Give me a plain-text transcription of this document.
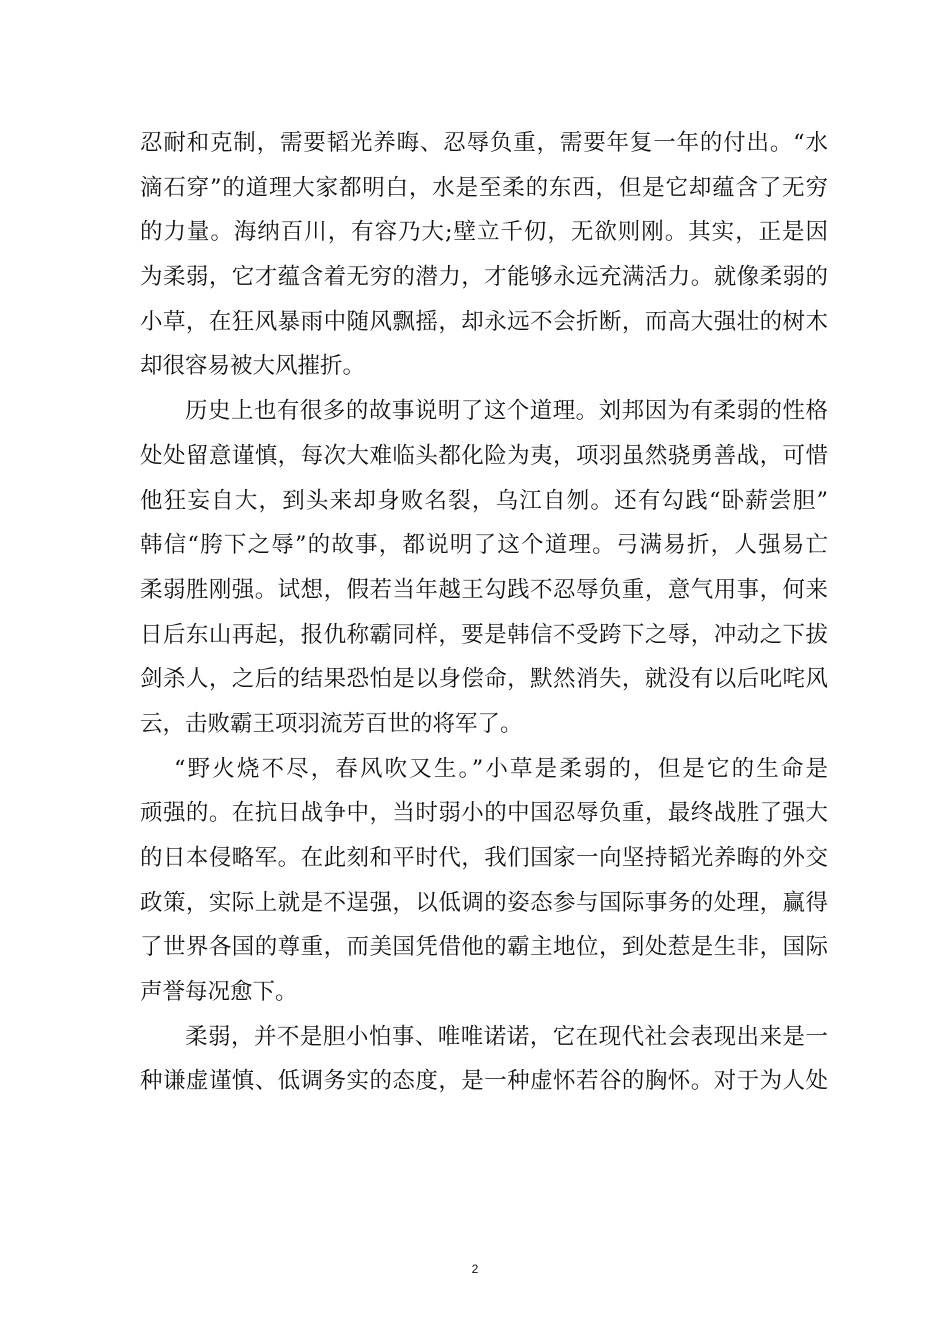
忍耐和克制，需要韬光养晦、忍辱负重，需要年复一年的付出。“水
滴石穿”的道理大家都明白，水是至柔的东西，但是它却蕴含了无穷
的力量。海纳百川，有容乃大;壁立千仞，无欲则刚。其实，正是因
为柔弱，它才蕴含着无穷的潜力，才能够永远充满活力。就像柔弱的
小草，在狂风暴雨中随风飘摇，却永远不会折断，而高大强壮的树木
却很容易被大风摧折。
历史上也有很多的故事说明了这个道理。刘邦因为有柔弱的性格
处处留意谨慎，每次大难临头都化险为夷，项羽虽然骁勇善战，可惜
他狂妄自大，到头来却身败名裂，乌江自刎。还有勾践“卧薪尝胆”
韩信“胯下之辱”的故事，都说明了这个道理。弓满易折，人强易亡
柔弱胜刚强。试想，假若当年越王勾践不忍辱负重，意气用事，何来
日后东山再起，报仇称霸同样，要是韩信不受跨下之辱，冲动之下拔
剑杀人，之后的结果恐怕是以身偿命，默然消失，就没有以后叱咤风
云，击败霸王项羽流芳百世的将军了。
“野火烧不尽，春风吹又生。”小草是柔弱的，但是它的生命是
顽强的。在抗日战争中，当时弱小的中国忍辱负重，最终战胜了强大
的日本侵略军。在此刻和平时代，我们国家一向坚持韬光养晦的外交
政策，实际上就是不逞强，以低调的姿态参与国际事务的处理，赢得
了世界各国的尊重，而美国凭借他的霸主地位，到处惹是生非，国际
声誉每况愈下。
柔弱，并不是胆小怕事、唯唯诺诺，它在现代社会表现出来是一
种谦虚谨慎、低调务实的态度，是一种虚怀若谷的胸怀。对于为人处
2
